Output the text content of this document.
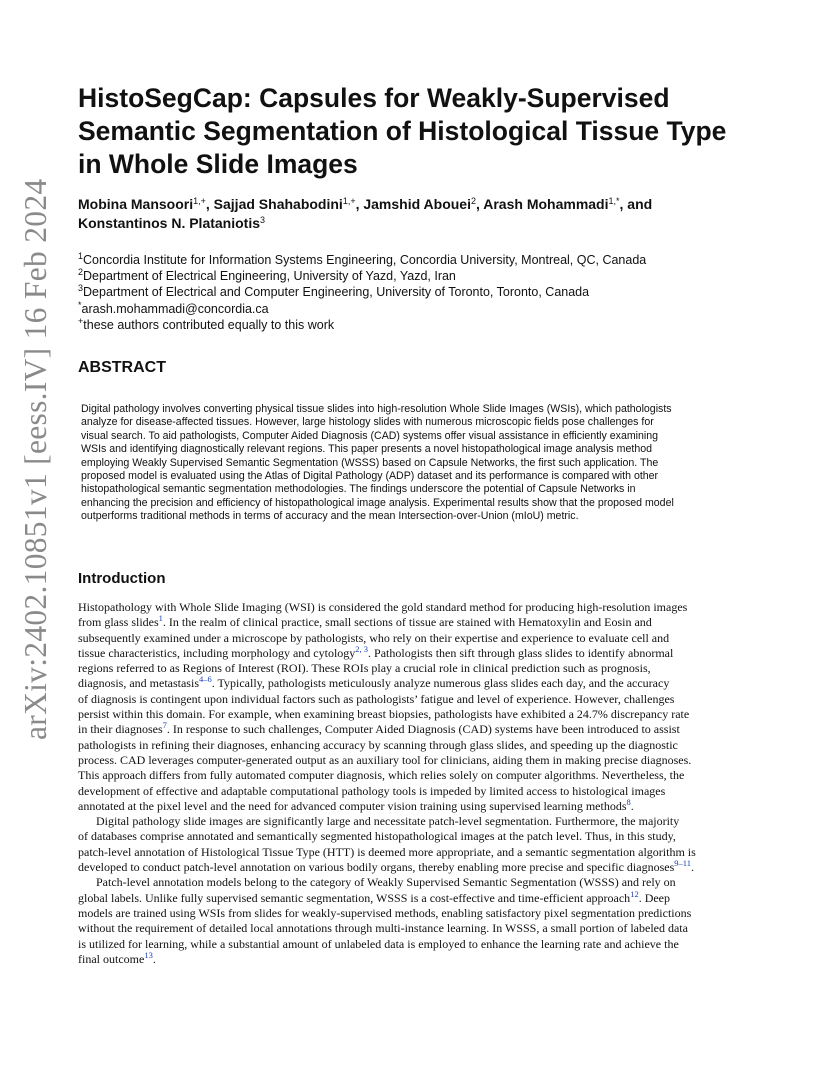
arXiv:2402.10851v1 [eess.IV] 16 Feb 2024
HistoSegCap: Capsules for Weakly-Supervised
Semantic Segmentation of Histological Tissue Type
in Whole Slide Images
Mobina Mansoori$^{1,+}$, Sajjad Shahabodini$^{1,+}$, Jamshid Abouei$^2$, Arash Mohammadi$^{1,*}$, and
Konstantinos N. Plataniotis$^3$
$^1$Concordia Institute for Information Systems Engineering, Concordia University, Montreal, QC, Canada
$^2$Department of Electrical Engineering, University of Yazd, Yazd, Iran
$^3$Department of Electrical and Computer Engineering, University of Toronto, Toronto, Canada
*arash.mohammadi@concordia.ca
+these authors contributed equally to this work
ABSTRACT
Digital pathology involves converting physical tissue slides into high-resolution Whole Slide Images (WSIs), which pathologists
analyze for disease-affected tissues. However, large histology slides with numerous microscopic fields pose challenges for
visual search. To aid pathologists, Computer Aided Diagnosis (CAD) systems offer visual assistance in efficiently examining
WSIs and identifying diagnostically relevant regions. This paper presents a novel histopathological image analysis method
employing Weakly Supervised Semantic Segmentation (WSSS) based on Capsule Networks, the first such application. The
proposed model is evaluated using the Atlas of Digital Pathology (ADP) dataset and its performance is compared with other
histopathological semantic segmentation methodologies. The findings underscore the potential of Capsule Networks in
enhancing the precision and efficiency of histopathological image analysis. Experimental results show that the proposed model
outperforms traditional methods in terms of accuracy and the mean Intersection-over-Union (mIoU) metric.
Introduction
Histopathology with Whole Slide Imaging (WSI) is considered the gold standard method for producing high-resolution images
from glass slides$^1$. In the realm of clinical practice, small sections of tissue are stained with Hematoxylin and Eosin and
subsequently examined under a microscope by pathologists, who rely on their expertise and experience to evaluate cell and
tissue characteristics, including morphology and cytology$^{2, 3}$. Pathologists then sift through glass slides to identify abnormal
regions referred to as Regions of Interest (ROI). These ROIs play a crucial role in clinical prediction such as prognosis,
diagnosis, and metastasis$^{4-6}$. Typically, pathologists meticulously analyze numerous glass slides each day, and the accuracy
of diagnosis is contingent upon individual factors such as pathologists’ fatigue and level of experience. However, challenges
persist within this domain. For example, when examining breast biopsies, pathologists have exhibited a 24.7% discrepancy rate
in their diagnoses$^7$. In response to such challenges, Computer Aided Diagnosis (CAD) systems have been introduced to assist
pathologists in refining their diagnoses, enhancing accuracy by scanning through glass slides, and speeding up the diagnostic
process. CAD leverages computer-generated output as an auxiliary tool for clinicians, aiding them in making precise diagnoses.
This approach differs from fully automated computer diagnosis, which relies solely on computer algorithms. Nevertheless, the
development of effective and adaptable computational pathology tools is impeded by limited access to histological images
annotated at the pixel level and the need for advanced computer vision training using supervised learning methods$^8$.
Digital pathology slide images are significantly large and necessitate patch-level segmentation. Furthermore, the majority
of databases comprise annotated and semantically segmented histopathological images at the patch level. Thus, in this study,
patch-level annotation of Histological Tissue Type (HTT) is deemed more appropriate, and a semantic segmentation algorithm is
developed to conduct patch-level annotation on various bodily organs, thereby enabling more precise and specific diagnoses$^{9-11}$.
Patch-level annotation models belong to the category of Weakly Supervised Semantic Segmentation (WSSS) and rely on
global labels. Unlike fully supervised semantic segmentation, WSSS is a cost-effective and time-efficient approach$^{12}$. Deep
models are trained using WSIs from slides for weakly-supervised methods, enabling satisfactory pixel segmentation predictions
without the requirement of detailed local annotations through multi-instance learning. In WSSS, a small portion of labeled data
is utilized for learning, while a substantial amount of unlabeled data is employed to enhance the learning rate and achieve the
final outcome$^{13}$.
